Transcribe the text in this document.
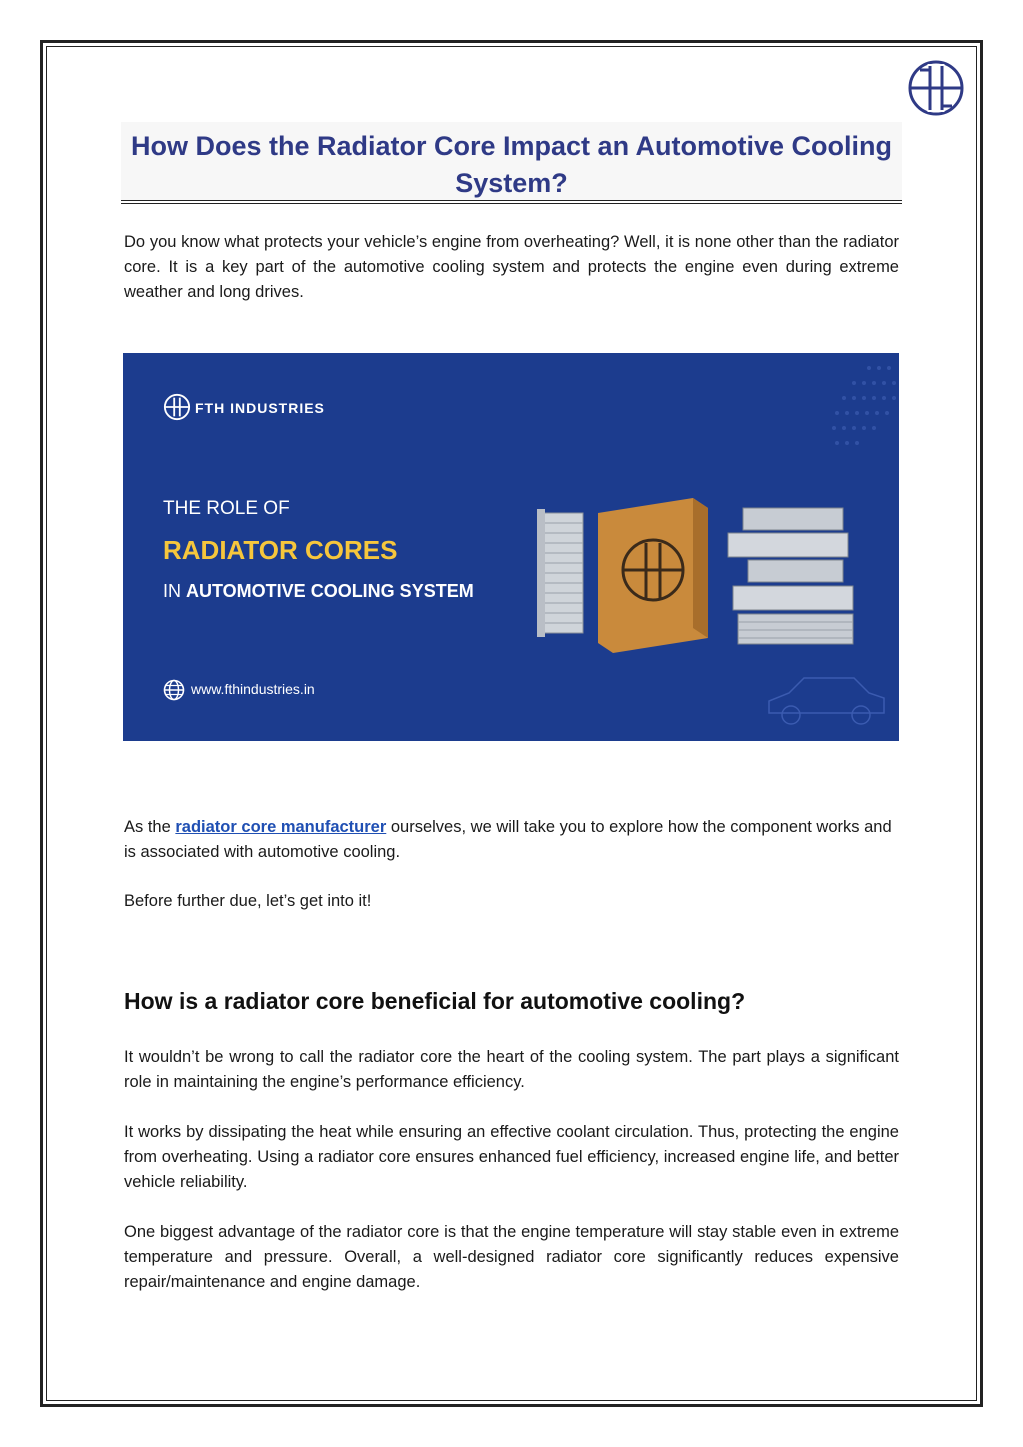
How Does the Radiator Core Impact an Automotive Cooling System?

Do you know what protects your vehicle’s engine from overheating? Well, it is none other than the radiator core. It is a key part of the automotive cooling system and protects the engine even during extreme weather and long drives.

FTH INDUSTRIES
THE ROLE OF
RADIATOR CORES
IN AUTOMOTIVE COOLING SYSTEM
www.fthindustries.in

As the radiator core manufacturer ourselves, we will take you to explore how the component works and is associated with automotive cooling.

Before further due, let’s get into it!

How is a radiator core beneficial for automotive cooling?

It wouldn’t be wrong to call the radiator core the heart of the cooling system. The part plays a significant role in maintaining the engine’s performance efficiency.

It works by dissipating the heat while ensuring an effective coolant circulation. Thus, protecting the engine from overheating. Using a radiator core ensures enhanced fuel efficiency, increased engine life, and better vehicle reliability.

One biggest advantage of the radiator core is that the engine temperature will stay stable even in extreme temperature and pressure. Overall, a well-designed radiator core significantly reduces expensive repair/maintenance and engine damage.
